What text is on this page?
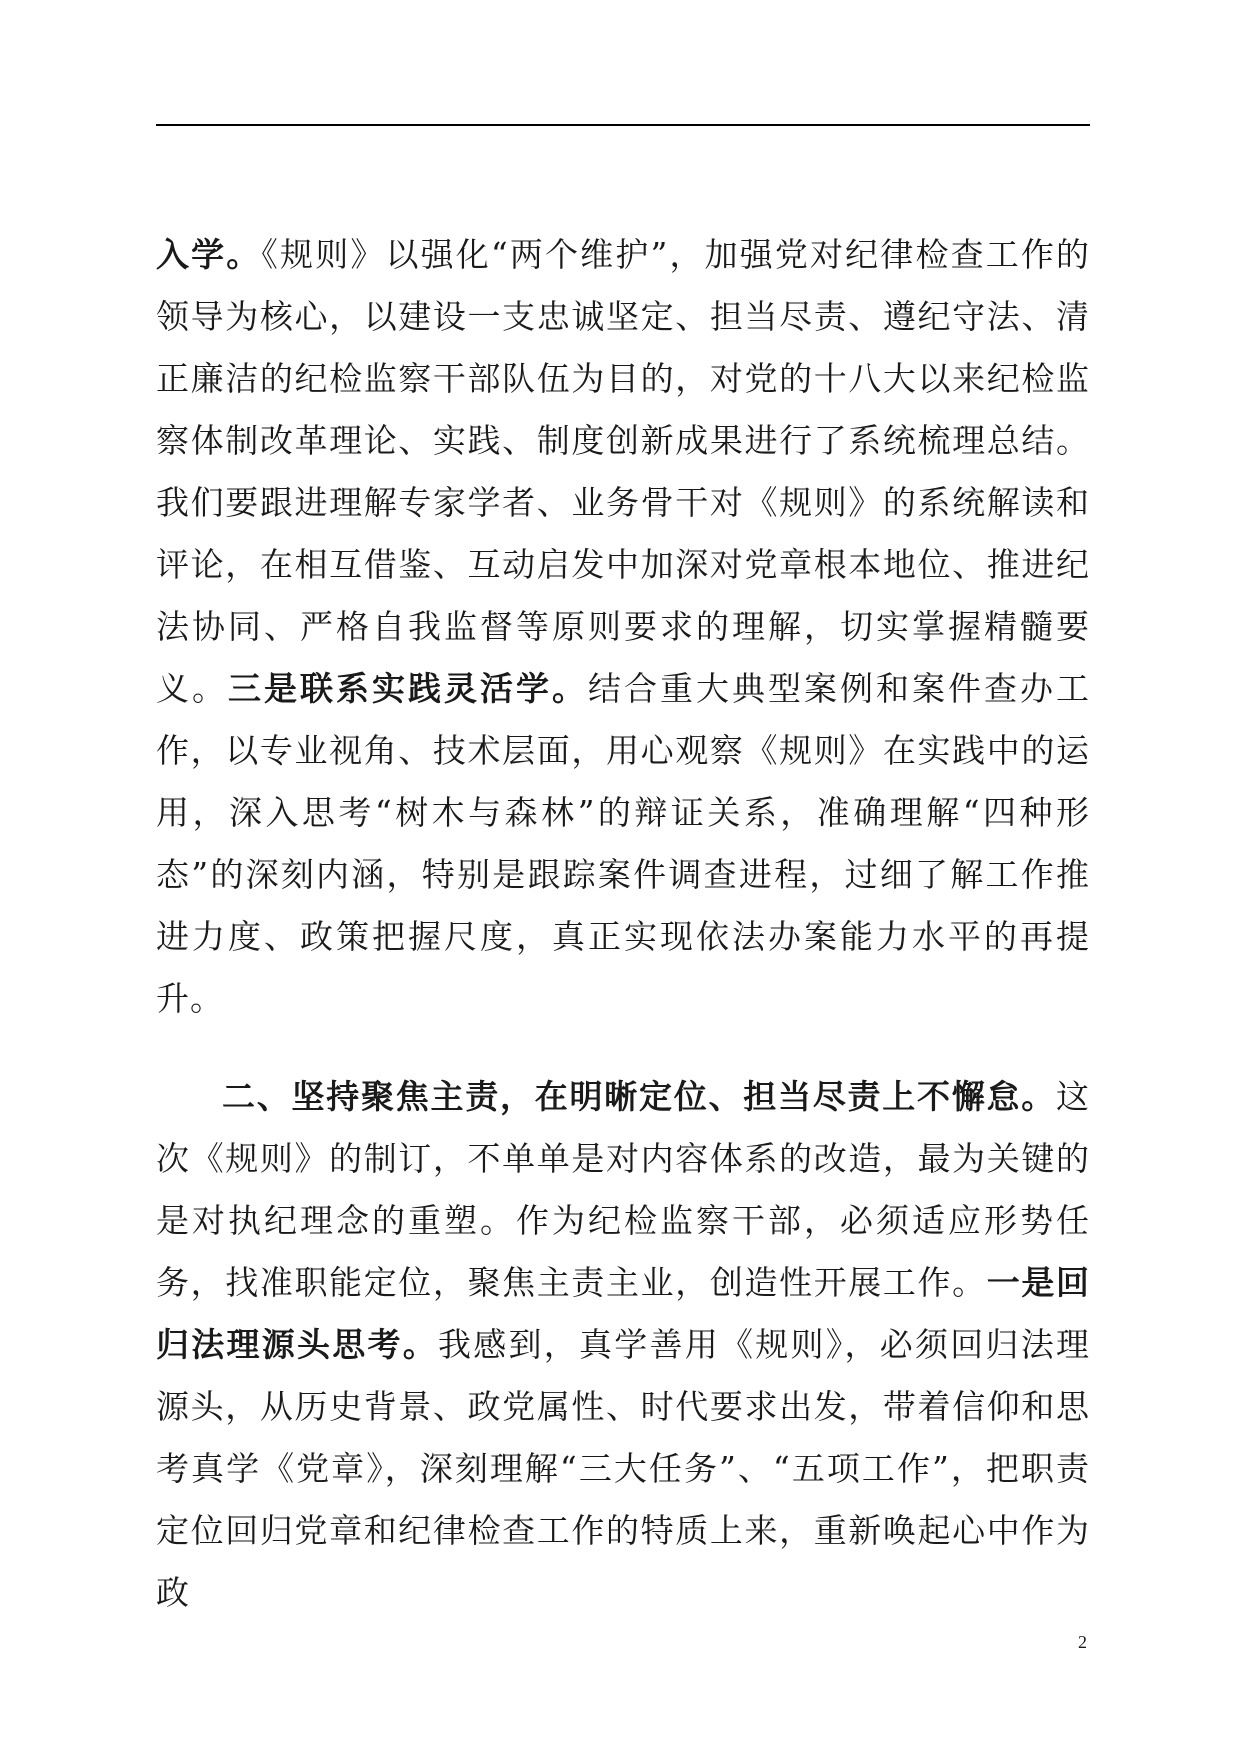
入学。《规则》以强化“两个维护”，加强党对纪律检查工作的领导为核心，以建设一支忠诚坚定、担当尽责、遵纪守法、清正廉洁的纪检监察干部队伍为目的，对党的十八大以来纪检监察体制改革理论、实践、制度创新成果进行了系统梳理总结。我们要跟进理解专家学者、业务骨干对《规则》的系统解读和评论，在相互借鉴、互动启发中加深对党章根本地位、推进纪法协同、严格自我监督等原则要求的理解，切实掌握精髓要义。三是联系实践灵活学。结合重大典型案例和案件查办工作，以专业视角、技术层面，用心观察《规则》在实践中的运用，深入思考“树木与森林”的辩证关系，准确理解“四种形态”的深刻内涵，特别是跟踪案件调查进程，过细了解工作推进力度、政策把握尺度，真正实现依法办案能力水平的再提升。

二、坚持聚焦主责，在明晰定位、担当尽责上不懈怠。这次《规则》的制订，不单单是对内容体系的改造，最为关键的是对执纪理念的重塑。作为纪检监察干部，必须适应形势任务，找准职能定位，聚焦主责主业，创造性开展工作。一是回归法理源头思考。我感到，真学善用《规则》，必须回归法理源头，从历史背景、政党属性、时代要求出发，带着信仰和思考真学《党章》，深刻理解“三大任务”、“五项工作”，把职责定位回归党章和纪律检查工作的特质上来，重新唤起心中作为政

2
